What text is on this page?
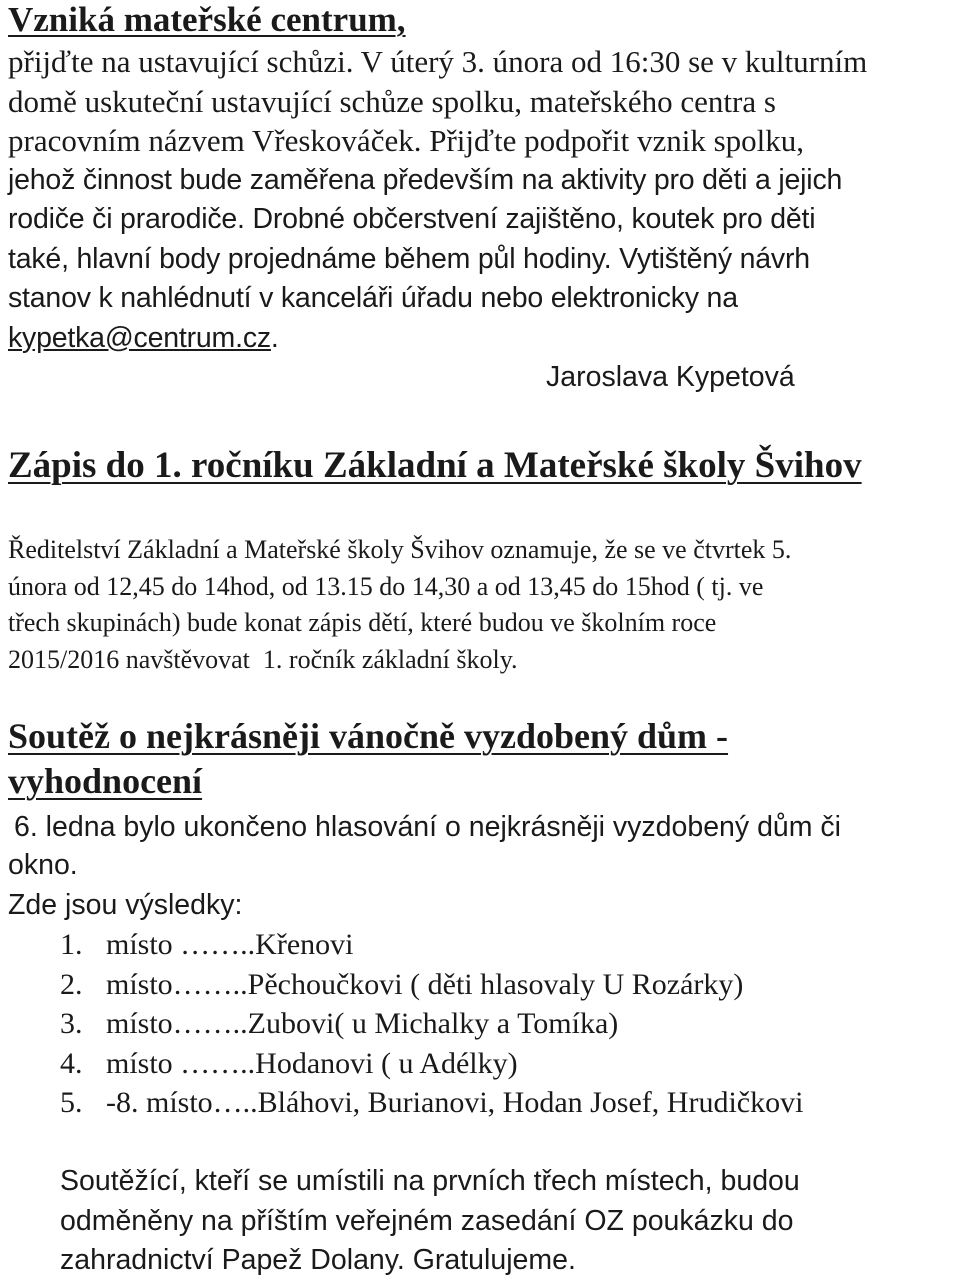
Vzniká mateřské centrum,
přijďte na ustavující schůzi. V úterý 3. února od 16:30 se v kulturním
domě uskuteční ustavující schůze spolku, mateřského centra s
pracovním názvem Vřeskováček. Přijďte podpořit vznik spolku,
jehož činnost bude zaměřena především na aktivity pro děti a jejich
rodiče či prarodiče. Drobné občerstvení zajištěno, koutek pro děti
také, hlavní body projednáme během půl hodiny. Vytištěný návrh
stanov k nahlédnutí v kanceláři úřadu nebo elektronicky na
kypetka@centrum.cz.
Jaroslava Kypetová
Zápis do 1. ročníku Základní a Mateřské školy Švihov
Ředitelství Základní a Mateřské školy Švihov oznamuje, že se ve čtvrtek 5.
února od 12,45 do 14hod, od 13.15 do 14,30 a od 13,45 do 15hod ( tj. ve
třech skupinách) bude konat zápis dětí, které budou ve školním roce
2015/2016 navštěvovat  1. ročník základní školy.
Soutěž o nejkrásněji vánočně vyzdobený dům -
vyhodnocení
6. ledna bylo ukončeno hlasování o nejkrásněji vyzdobený dům či
okno.
Zde jsou výsledky:
1. místo ……..Křenovi
2. místo……..Pěchoučkovi ( děti hlasovaly U Rozárky)
3. místo……..Zubovi( u Michalky a Tomíka)
4. místo ……..Hodanovi ( u Adélky)
5. -8. místo…..Bláhovi, Burianovi, Hodan Josef, Hrudičkovi
Soutěžící, kteří se umístili na prvních třech místech, budou
odměněny na příštím veřejném zasedání OZ poukázku do
zahradnictví Papež Dolany. Gratulujeme.
